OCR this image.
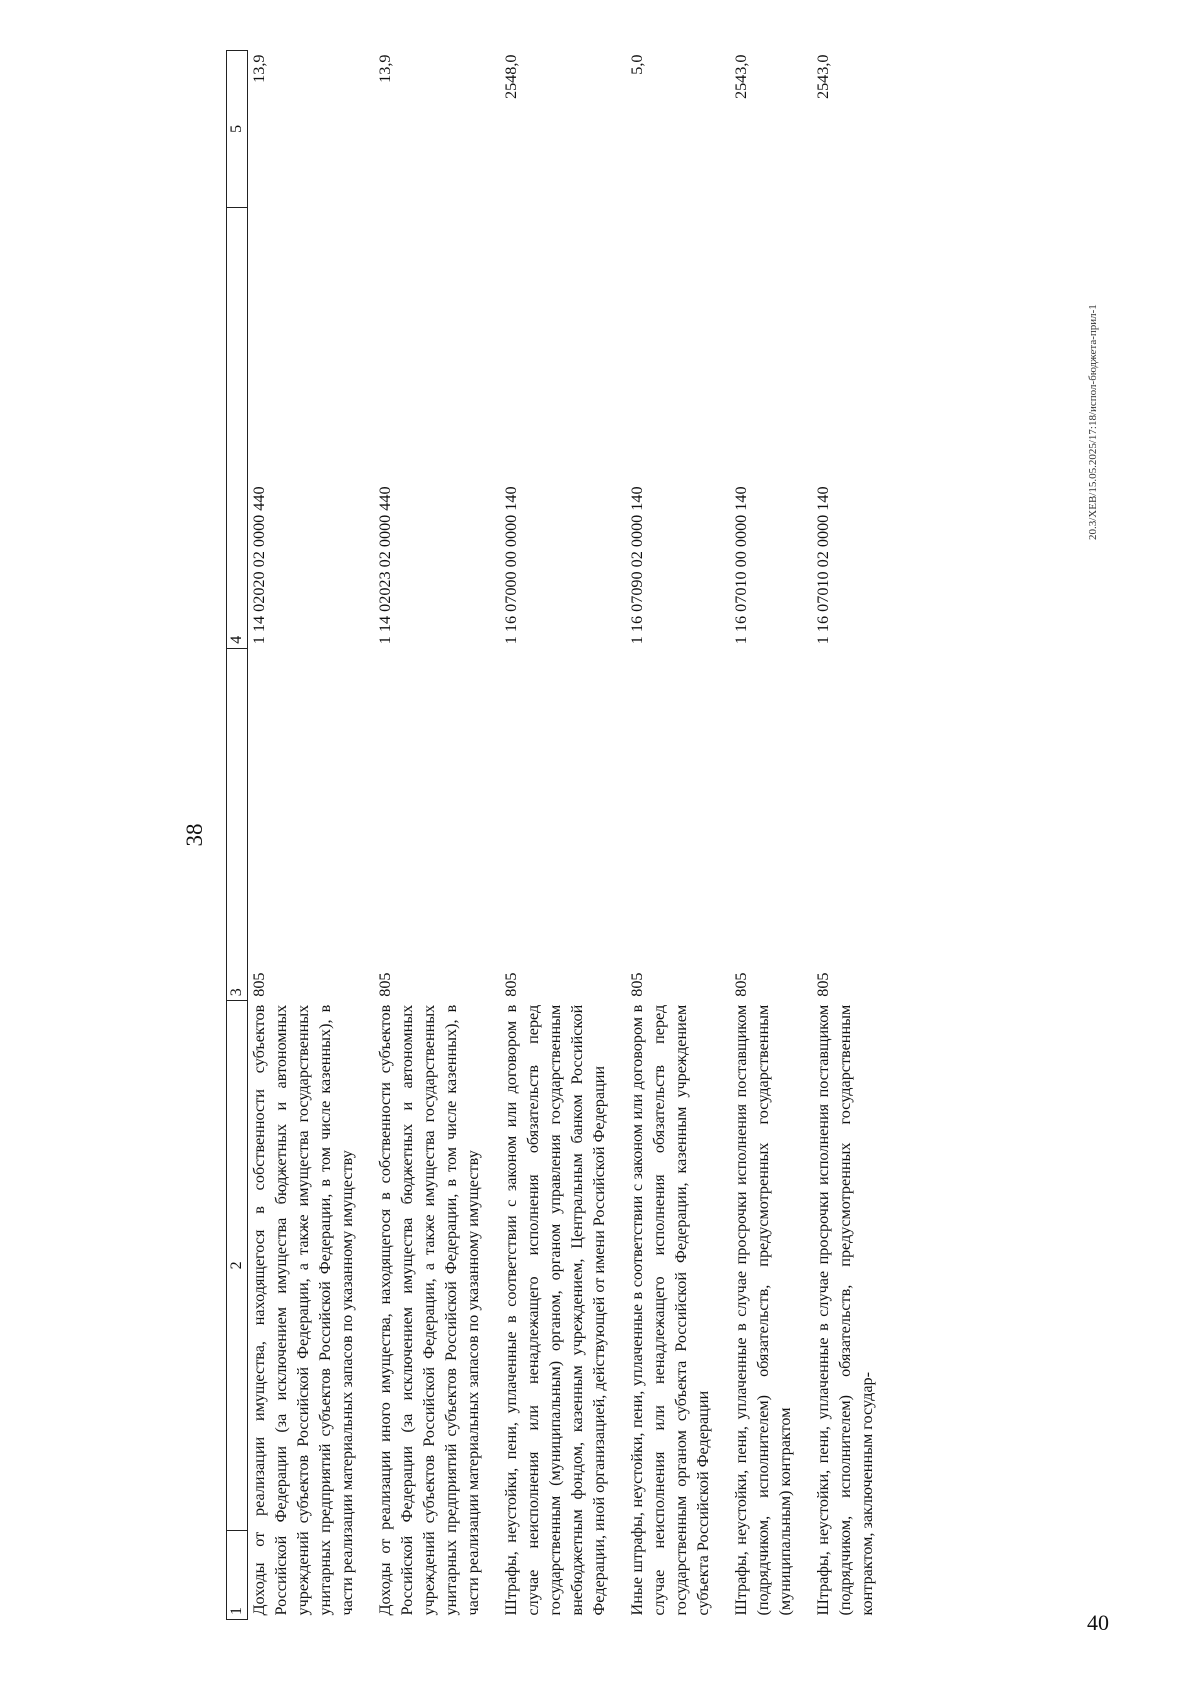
38
1	2	3	4	5
Доходы от реализации имущества, находящегося в собственности субъектов Российской Федерации (за исключением имущества бюджетных и автономных учреждений субъектов Российской Федерации, а также имущества государственных унитарных предприятий субъектов Российской Федерации, в том числе казенных), в части реализации материальных запасов по указанному имуществу		805	1 14 02020 02 0000 440	13,9
Доходы от реализации иного имущества, находящегося в собственности субъектов Российской Федерации (за исключением имущества бюджетных и автономных учреждений субъектов Российской Федерации, а также имущества государственных унитарных предприятий субъектов Российской Федерации, в том числе казенных), в части реализации материальных запасов по указанному имуществу		805	1 14 02023 02 0000 440	13,9
Штрафы, неустойки, пени, уплаченные в соответствии с законом или договором в случае неисполнения или ненадлежащего исполнения обязательств перед государственным (муниципальным) органом, органом управления государственным внебюджетным фондом, казенным учреждением, Центральным банком Российской Федерации, иной организацией, действующей от имени Российской Федерации		805	1 16 07000 00 0000 140	2548,0
Иные штрафы, неустойки, пени, уплаченные в соответствии с законом или договором в случае неисполнения или ненадлежащего исполнения обязательств перед государственным органом субъекта Российской Федерации, казенным учреждением субъекта Российской Федерации		805	1 16 07090 02 0000 140	5,0
Штрафы, неустойки, пени, уплаченные в случае просрочки исполнения поставщиком (подрядчиком, исполнителем) обязательств, предусмотренных государственным (муниципальным) контрактом		805	1 16 07010 00 0000 140	2543,0
Штрафы, неустойки, пени, уплаченные в случае просрочки исполнения поставщиком (подрядчиком, исполнителем) обязательств, предусмотренных государственным контрактом, заключенным государ-		805	1 16 07010 02 0000 140	2543,0
20.3/ХЕВ/15.05.2025/17:18/испол-бюджета-прил-1
40
